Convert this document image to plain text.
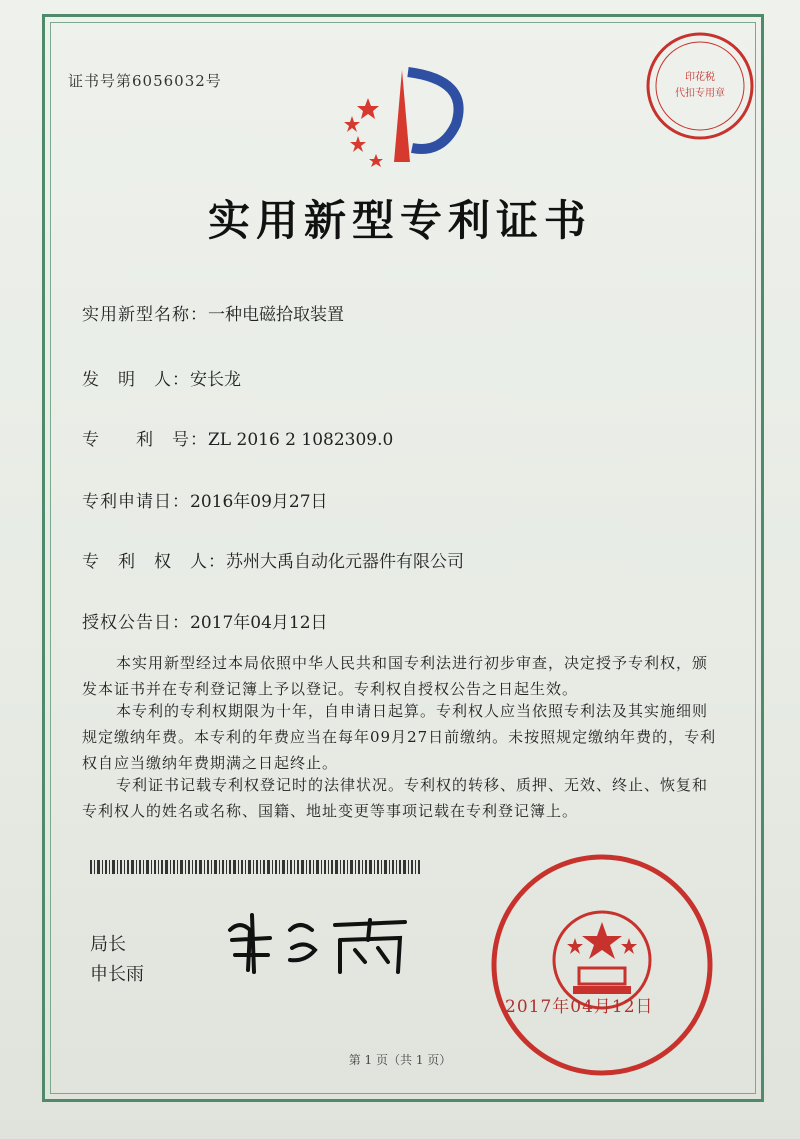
印花税
代扣专用章
证书号第6056032号
实用新型专利证书
实用新型名称：一种电磁拾取装置
发　明　人：安长龙
专　　利　号：ZL 2016 2 1082309.0
专利申请日：2016年09月27日
专　利　权　人：苏州大禹自动化元器件有限公司
授权公告日：2017年04月12日
本实用新型经过本局依照中华人民共和国专利法进行初步审查，决定授予专利权，颁发本证书并在专利登记簿上予以登记。专利权自授权公告之日起生效。
本专利的专利权期限为十年，自申请日起算。专利权人应当依照专利法及其实施细则规定缴纳年费。本专利的年费应当在每年09月27日前缴纳。未按照规定缴纳年费的，专利权自应当缴纳年费期满之日起终止。
专利证书记载专利权登记时的法律状况。专利权的转移、质押、无效、终止、恢复和专利权人的姓名或名称、国籍、地址变更等事项记载在专利登记簿上。
局长
申长雨
2017年04月12日
第 1 页（共 1 页）
